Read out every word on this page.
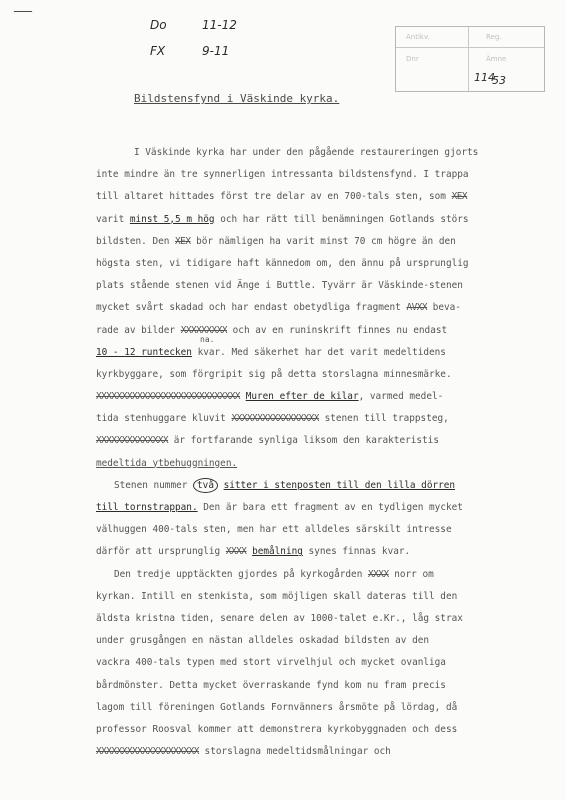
—
Do	11-12
FX	9-11
Antikv.	Reg.
Dnr	Ämne
114
53
Bildstensfynd i Väskinde kyrka.
na.
I Väskinde kyrka har under den pågående restaureringen gjorts
inte mindre än tre synnerligen intressanta bildstensfynd. I trappa
till altaret hittades först tre delar av en 700-tals sten, som XEX
varit minst 5,5 m hög och har rätt till benämningen Gotlands störs
bildsten. Den XEX bör nämligen ha varit minst 70 cm högre än den
högsta sten, vi tidigare haft kännedom om, den ännu på ursprunglig
plats stående stenen vid Änge i Buttle. Tyvärr är Väskinde-stenen
mycket svårt skadad och har endast obetydliga fragment AVXX beva-
rade av bilder XXXXXXXXX och av en runinskrift finnes nu endast
10 - 12 runtecken kvar. Med säkerhet har det varit medeltidens
kyrkbyggare, som förgripit sig på detta storslagna minnesmärke.
XXXXXXXXXXXXXXXXXXXXXXXXXXXX Muren efter de kilar, varmed medel-
tida stenhuggare kluvit XXXXXXXXXXXXXXXXX stenen till trappsteg,
XXXXXXXXXXXXXX är fortfarande synliga liksom den karakteristis
medeltida ytbehuggningen.
Stenen nummer två sitter i stenposten till den lilla dörren
till tornstrappan. Den är bara ett fragment av en tydligen mycket
välhuggen 400-tals sten, men har ett alldeles särskilt intresse
därför att ursprunglig XXXX bemålning synes finnas kvar.
Den tredje upptäckten gjordes på kyrkogården XXXX norr om
kyrkan. Intill en stenkista, som möjligen skall dateras till den
äldsta kristna tiden, senare delen av 1000-talet e.Kr., låg strax
under grusgången en nästan alldeles oskadad bildsten av den
vackra 400-tals typen med stort virvelhjul och mycket ovanliga
bårdmönster. Detta mycket överraskande fynd kom nu fram precis
lagom till föreningen Gotlands Fornvänners årsmöte på lördag, då
professor Roosval kommer att demonstrera kyrkobyggnaden och dess
XXXXXXXXXXXXXXXXXXXX storslagna medeltidsmålningar och
